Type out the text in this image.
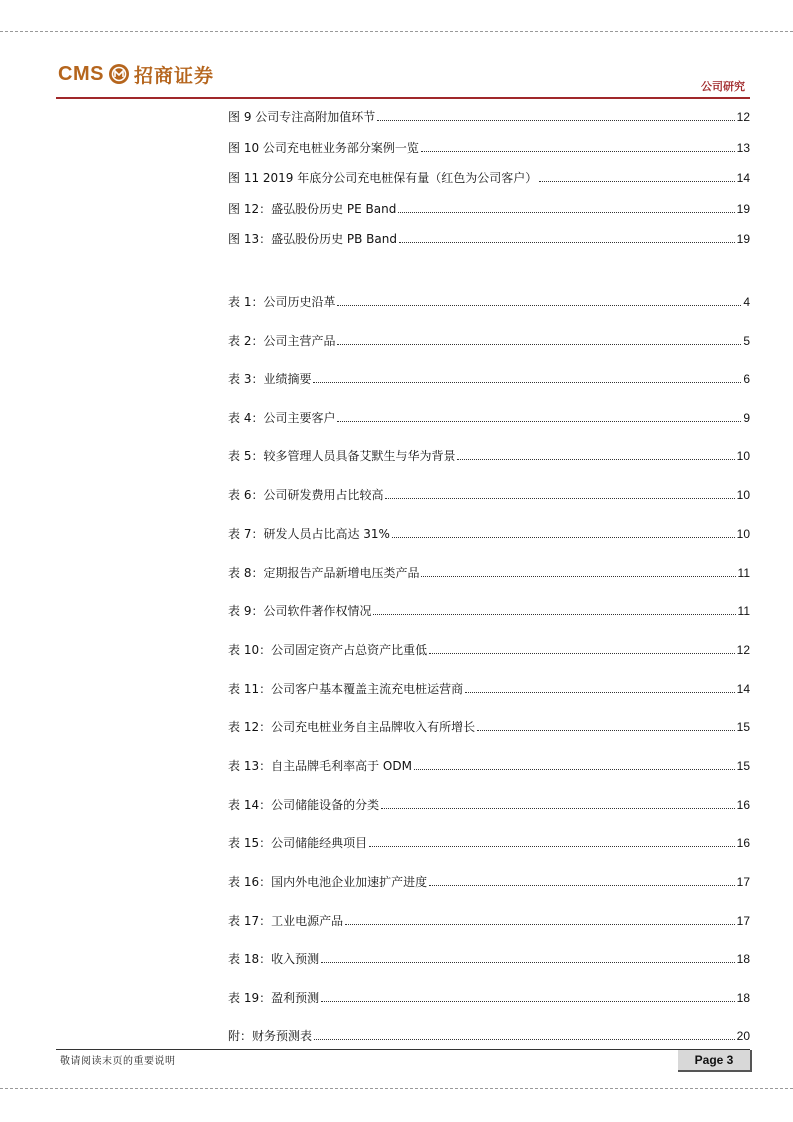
CMS 招商证券	公司研究
图 9 公司专注高附加值环节	12
图 10 公司充电桩业务部分案例一览	13
图 11 2019 年底分公司充电桩保有量（红色为公司客户）	14
图 12：盛弘股份历史 PE Band	19
图 13：盛弘股份历史 PB Band	19
表 1：公司历史沿革	4
表 2：公司主营产品	5
表 3：业绩摘要	6
表 4：公司主要客户	9
表 5：较多管理人员具备艾默生与华为背景	10
表 6：公司研发费用占比较高	10
表 7：研发人员占比高达 31%	10
表 8：定期报告产品新增电压类产品	11
表 9：公司软件著作权情况	11
表 10：公司固定资产占总资产比重低	12
表 11：公司客户基本覆盖主流充电桩运营商	14
表 12：公司充电桩业务自主品牌收入有所增长	15
表 13：自主品牌毛利率高于 ODM	15
表 14：公司储能设备的分类	16
表 15：公司储能经典项目	16
表 16：国内外电池企业加速扩产进度	17
表 17：工业电源产品	17
表 18：收入预测	18
表 19：盈利预测	18
附：财务预测表	20
敬请阅读末页的重要说明	Page 3
